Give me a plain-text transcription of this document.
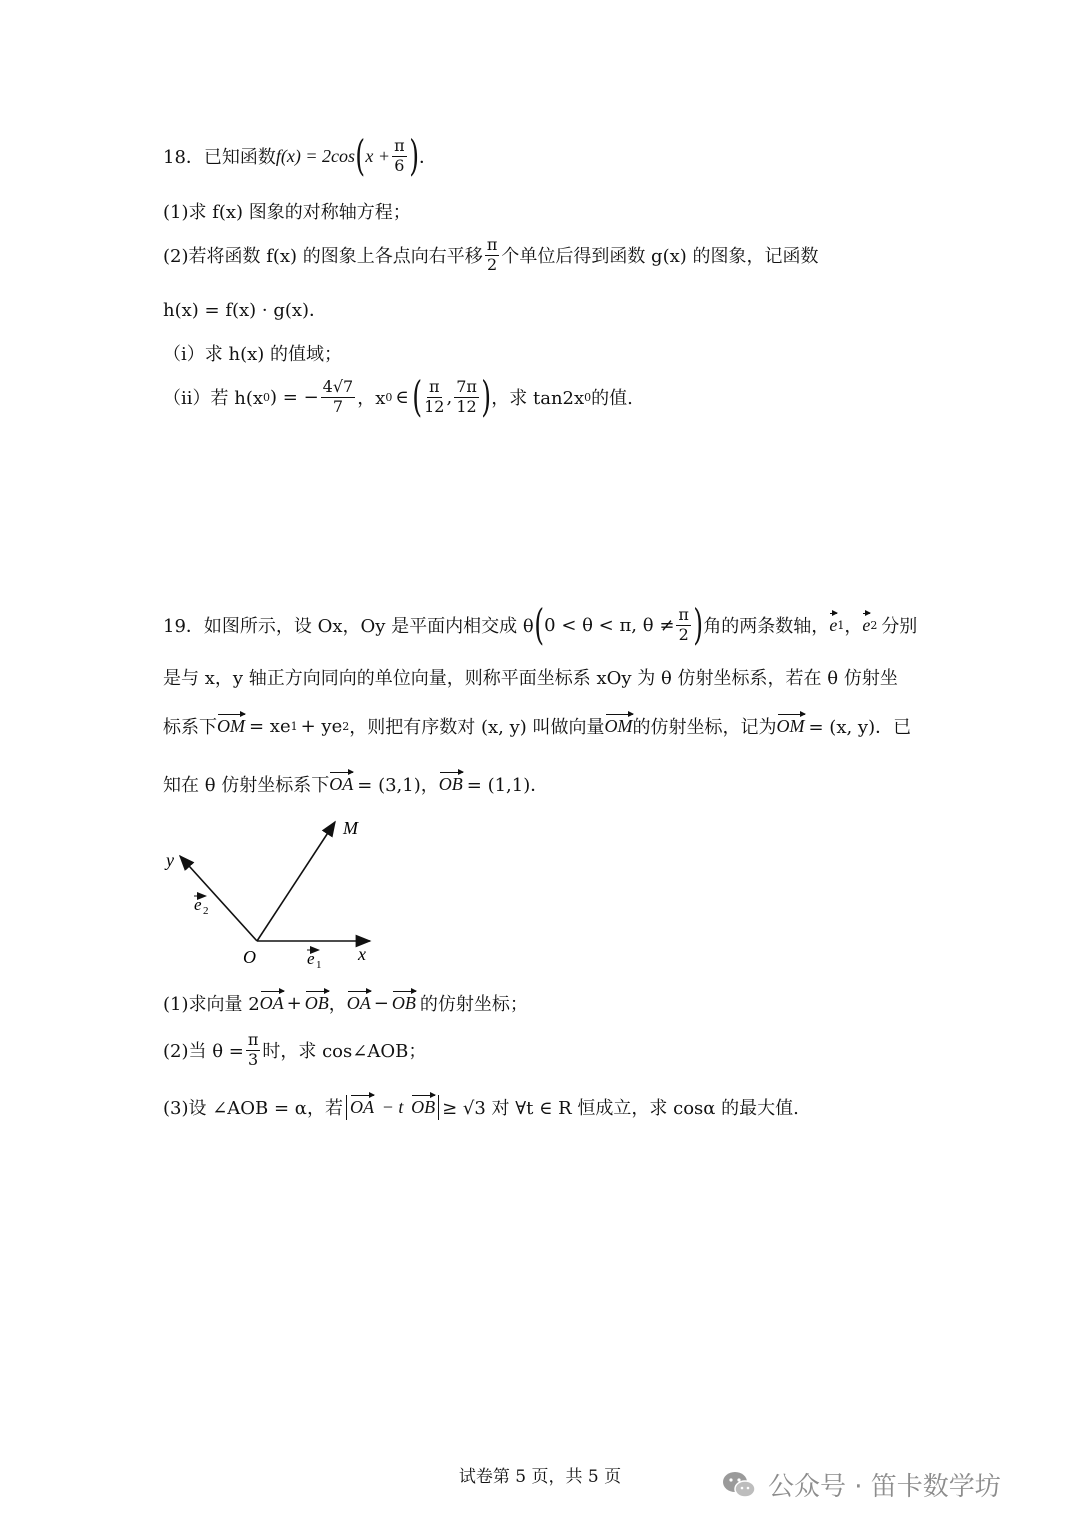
18．已知函数 f(x) = 2cos ( $x + \frac{\pi}{6}$ ) ．
(1)求 f(x) 图象的对称轴方程；
(2)若将函数 f(x) 的图象上各点向右平移 $\frac{\pi}{2}$ 个单位后得到函数 g(x) 的图象，记函数
h(x) = f(x) · g(x)．
（i）求 h(x) 的值域；
（ii）若 h(x 0 ) = − $\frac{4√7}{7}$ ，x 0 ∈ ( $\frac{\pi}{12}$ , $\frac{7\pi}{12}$ ) ，求 tan2x 0 的值.
19．如图所示，设 Ox，Oy 是平面内相交成 θ ( 0 < θ < π, $\theta \ne \frac{\pi}{2}$ ) 角的两条数轴， e 1 ， e 2 分别
是与 x，y 轴正方向同向的单位向量，则称平面坐标系 xOy 为 θ 仿射坐标系，若在 θ 仿射坐
标系下 OM = xe 1 + ye 2 ，则把有序数对 (x, y) 叫做向量 OM 的仿射坐标，记为 OM = (x, y)．已
知在 θ 仿射坐标系下 OA = (3,1)， OB = (1,1)．
M
y
O	x
e 2
e 1
(1)求向量 2 OA + OB ， OA − OB 的仿射坐标；
(2)当 $\theta = \frac{\pi}{3}$ 时，求 cos∠AOB；
(3)设 ∠AOB = α，若 OA − t OB ≥ √3 对 ∀t ∈ R 恒成立，求 cosα 的最大值.
试卷第 5 页，共 5 页	公众号 · 笛卡数学坊
